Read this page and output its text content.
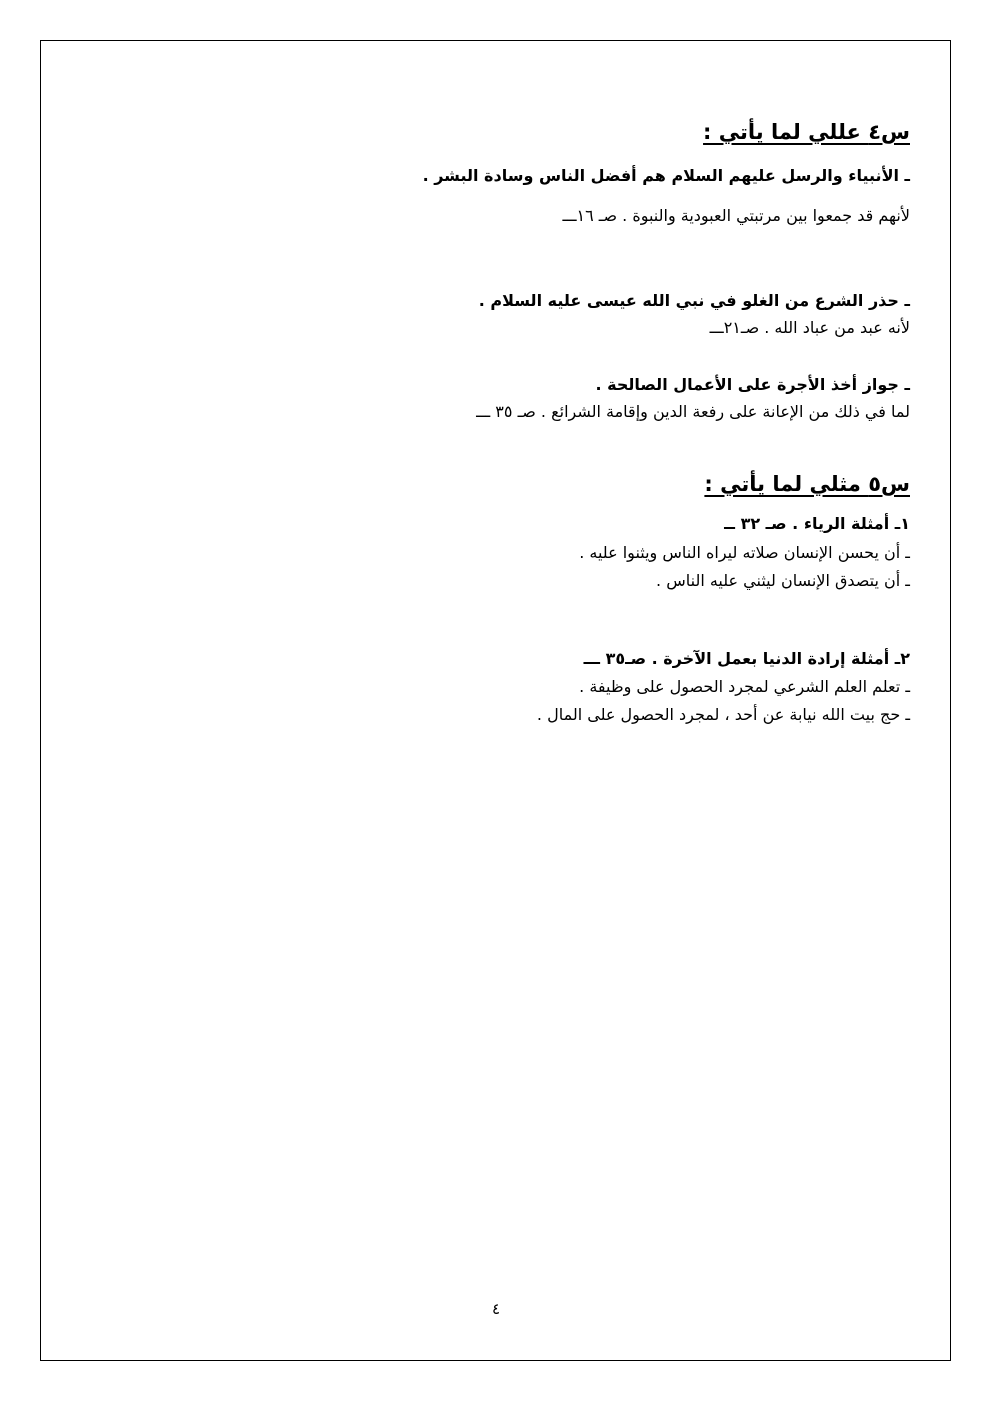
س٤ عللي لما يأتي :

ـ الأنبياء والرسل عليهم السلام هم أفضل الناس وسادة البشر .

لأنهم قد جمعوا بين مرتبتي العبودية والنبوة . صـ ١٦ـــ

ـ حذر الشرع من الغلو في نبي الله عيسى عليه السلام .

لأنه عبد من عباد الله . صـ٢١ـــ

ـ جواز أخذ الأجرة على الأعمال الصالحة .

لما في ذلك من الإعانة على رفعة الدين وإقامة الشرائع . صـ ٣٥ ـــ

س٥ مثلي لما يأتي :

١ـ أمثلة الرياء . صـ ٣٢ ــ

ـ أن يحسن الإنسان صلاته ليراه الناس ويثنوا عليه .

ـ أن يتصدق الإنسان ليثني عليه الناس .

٢ـ أمثلة إرادة الدنيا بعمل الآخرة . صـ٣٥ ـــ

ـ تعلم العلم الشرعي لمجرد الحصول على وظيفة .

ـ حج بيت الله نيابة عن أحد ، لمجرد الحصول على المال .

٤
